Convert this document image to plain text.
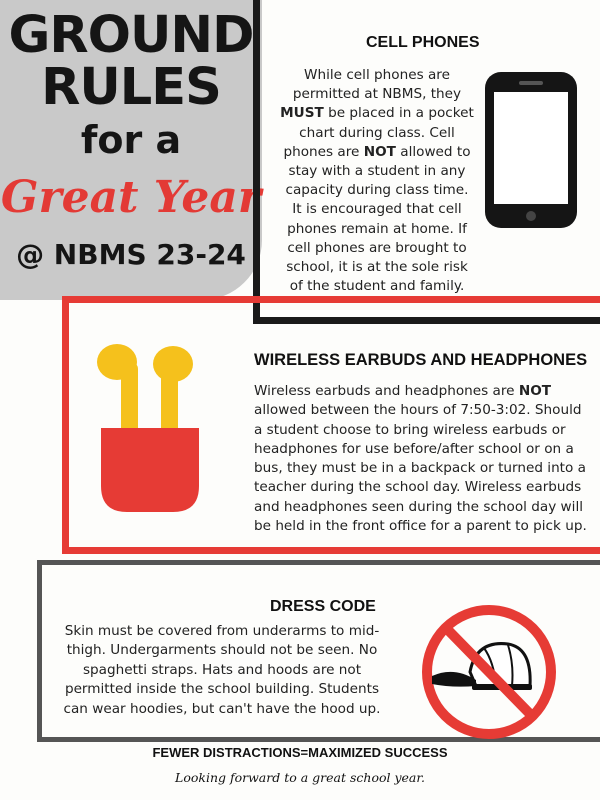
GROUND
RULES
for a
Great Year
@ NBMS 23-24
CELL PHONES

While cell phones are permitted at NBMS, they MUST be placed in a pocket chart during class. Cell phones are NOT allowed to stay with a student in any capacity during class time. It is encouraged that cell phones remain at home. If cell phones are brought to school, it is at the sole risk of the student and family.

WIRELESS EARBUDS AND HEADPHONES

Wireless earbuds and headphones are NOT allowed between the hours of 7:50-3:02. Should a student choose to bring wireless earbuds or headphones for use before/after school or on a bus, they must be in a backpack or turned into a teacher during the school day. Wireless earbuds and headphones seen during the school day will be held in the front office for a parent to pick up.

DRESS CODE

Skin must be covered from underarms to mid-thigh. Undergarments should not be seen. No spaghetti straps. Hats and hoods are not permitted inside the school building. Students can wear hoodies, but can't have the hood up.

FEWER DISTRACTIONS=MAXIMIZED SUCCESS
Looking forward to a great school year.
